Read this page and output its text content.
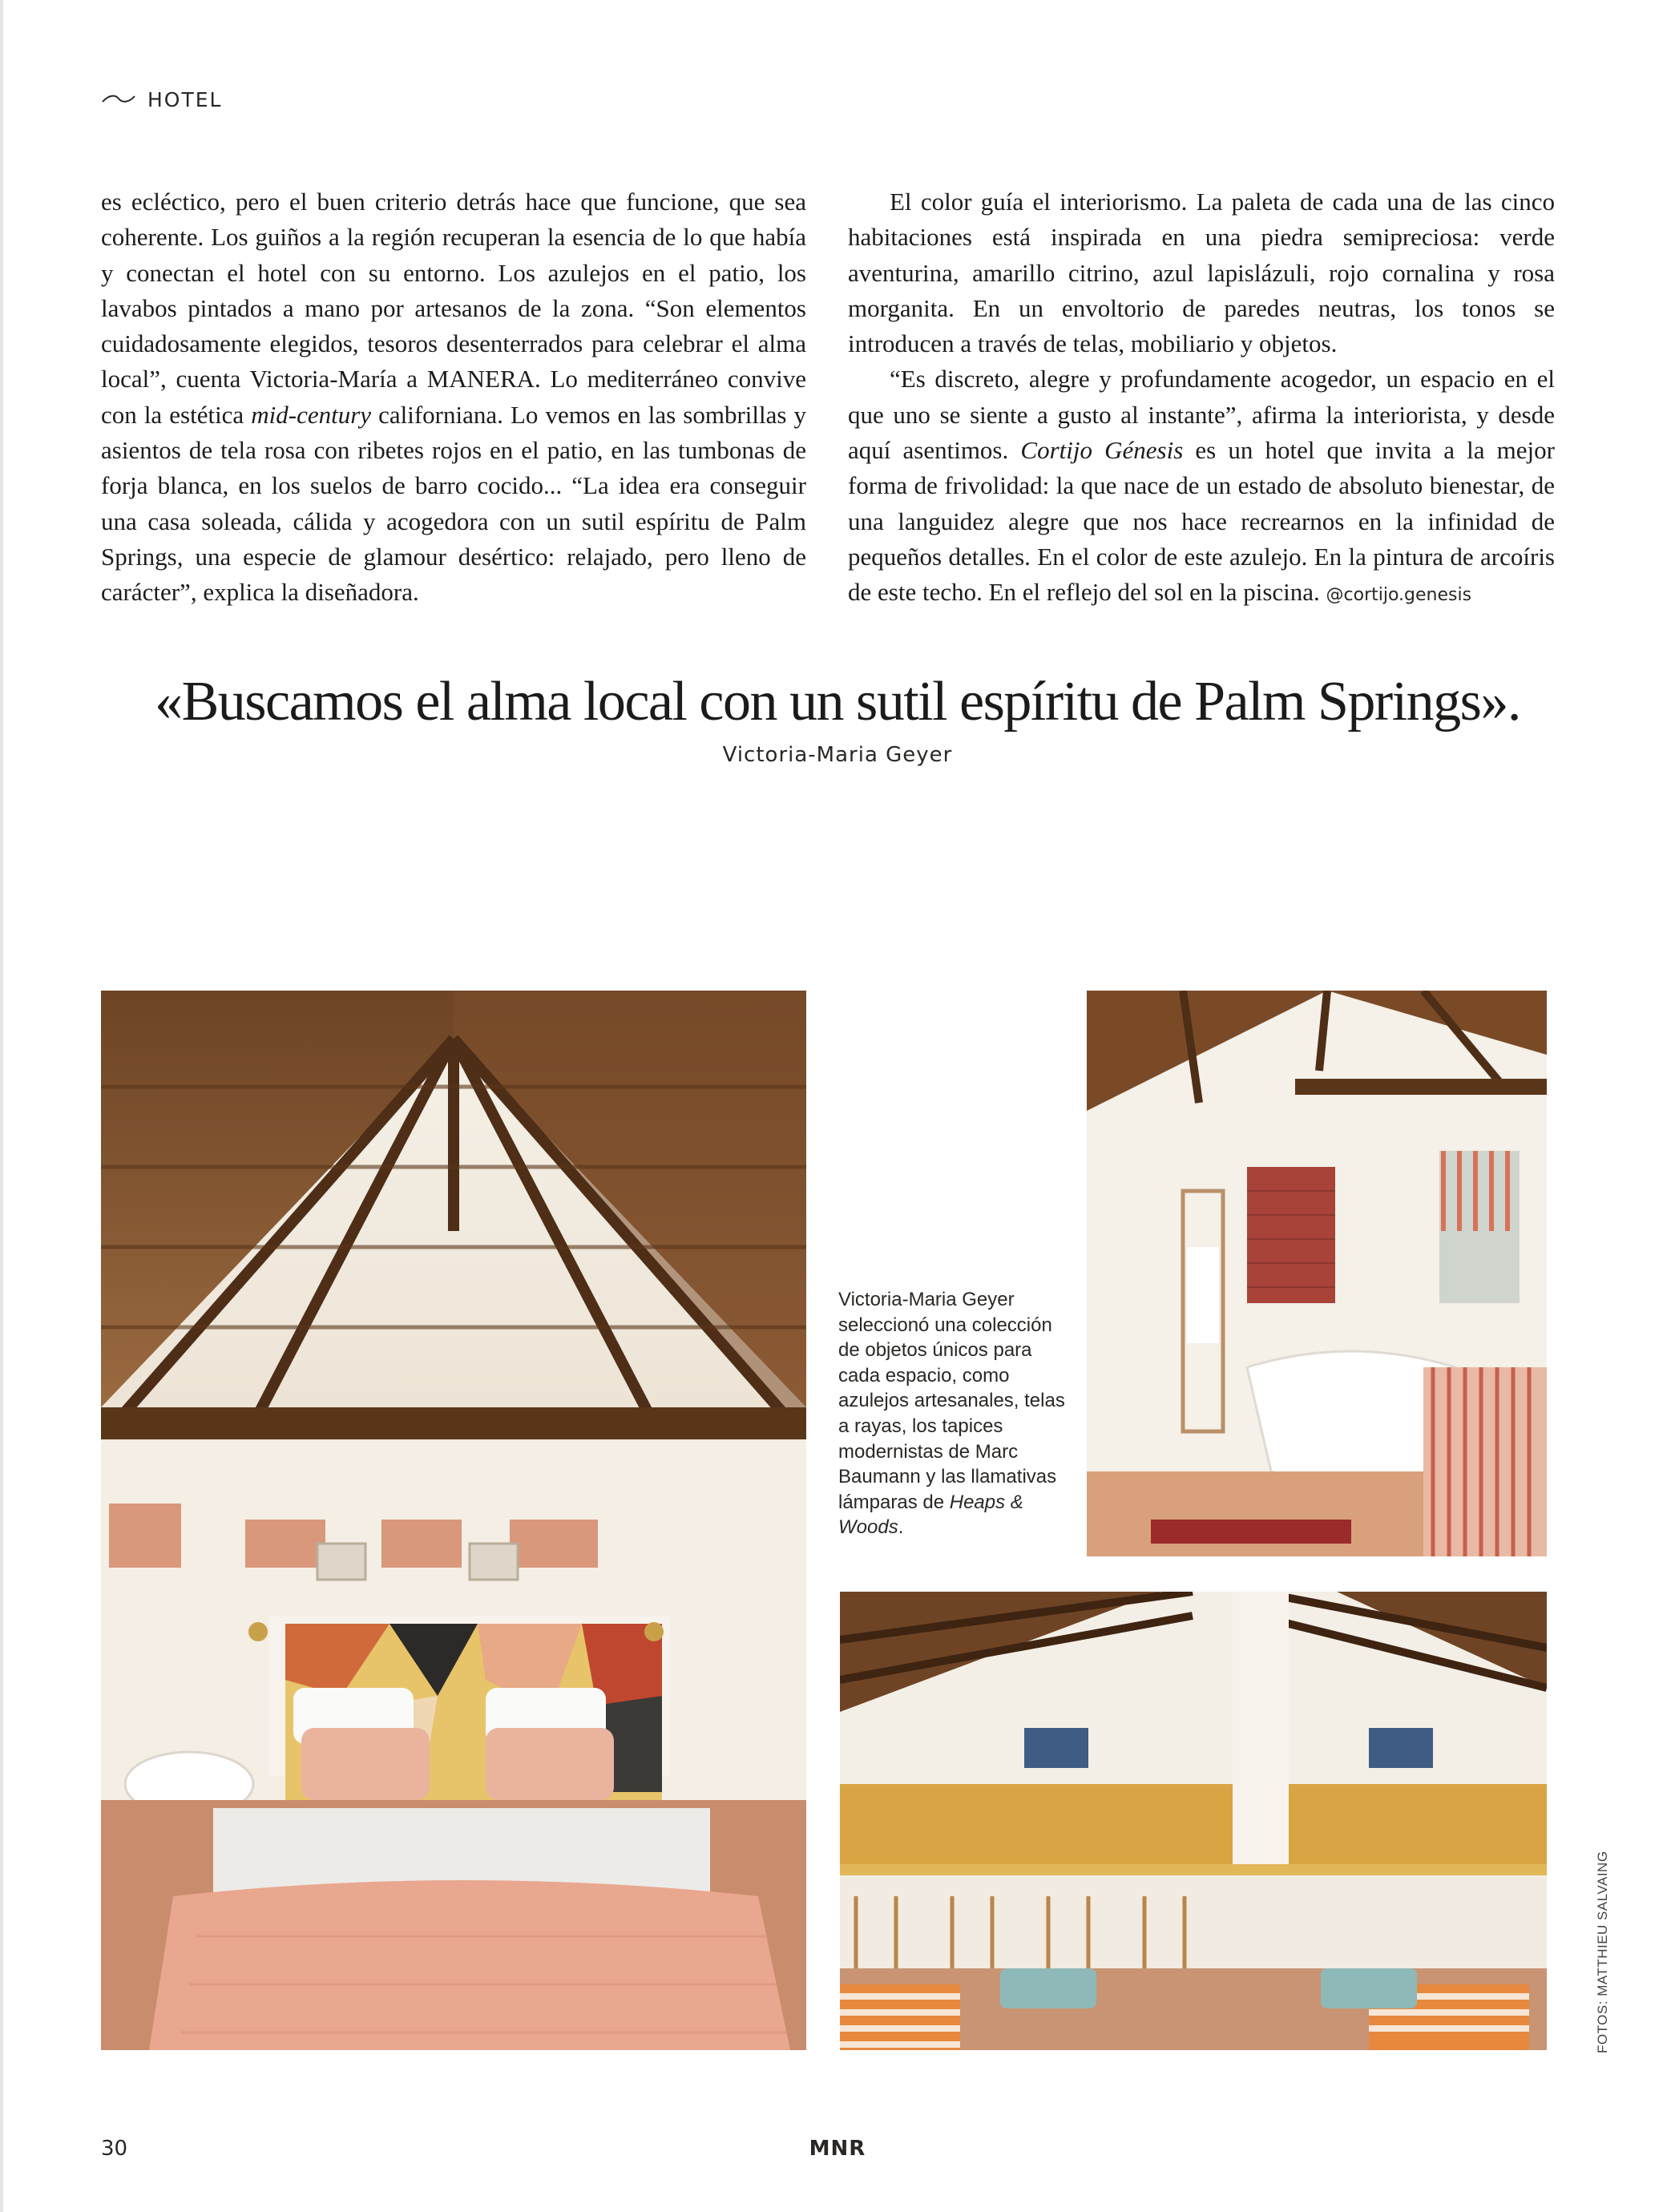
HOTEL

es ecléctico, pero el buen criterio detrás hace que funcione, que sea coherente. Los guiños a la región recuperan la esencia de lo que había y conectan el hotel con su entorno. Los azulejos en el patio, los lavabos pintados a mano por artesanos de la zona. “Son elementos cuidadosamente elegidos, tesoros desenterrados para celebrar el alma local”, cuenta Victoria-María a MANERA. Lo mediterráneo convive con la estética mid-century californiana. Lo vemos en las sombrillas y asientos de tela rosa con ribetes rojos en el patio, en las tumbonas de forja blanca, en los suelos de barro cocido... “La idea era conseguir una casa soleada, cálida y acogedora con un sutil espíritu de Palm Springs, una especie de glamour desértico: relajado, pero lleno de carácter”, explica la diseñadora.

El color guía el interiorismo. La paleta de cada una de las cinco habitaciones está inspirada en una piedra semipreciosa: verde aventurina, amarillo citrino, azul lapislázuli, rojo cornalina y rosa morganita. En un envoltorio de paredes neutras, los tonos se introducen a través de telas, mobiliario y objetos.

“Es discreto, alegre y profundamente acogedor, un espacio en el que uno se siente a gusto al instante”, afirma la interiorista, y desde aquí asentimos. Cortijo Génesis es un hotel que invita a la mejor forma de frivolidad: la que nace de un estado de absoluto bienestar, de una languidez alegre que nos hace recrearnos en la infinidad de pequeños detalles. En el color de este azulejo. En la pintura de arcoíris de este techo. En el reflejo del sol en la piscina. @cortijo.genesis

«Buscamos el alma local con un sutil espíritu de Palm Springs».
Victoria-Maria Geyer
Victoria-Maria Geyer seleccionó una colección de objetos únicos para cada espacio, como azulejos artesanales, telas a rayas, los tapices modernistas de Marc Baumann y las llamativas lámparas de Heaps & Woods.
FOTOS: MATTHIEU SALVAING
30	MNR
